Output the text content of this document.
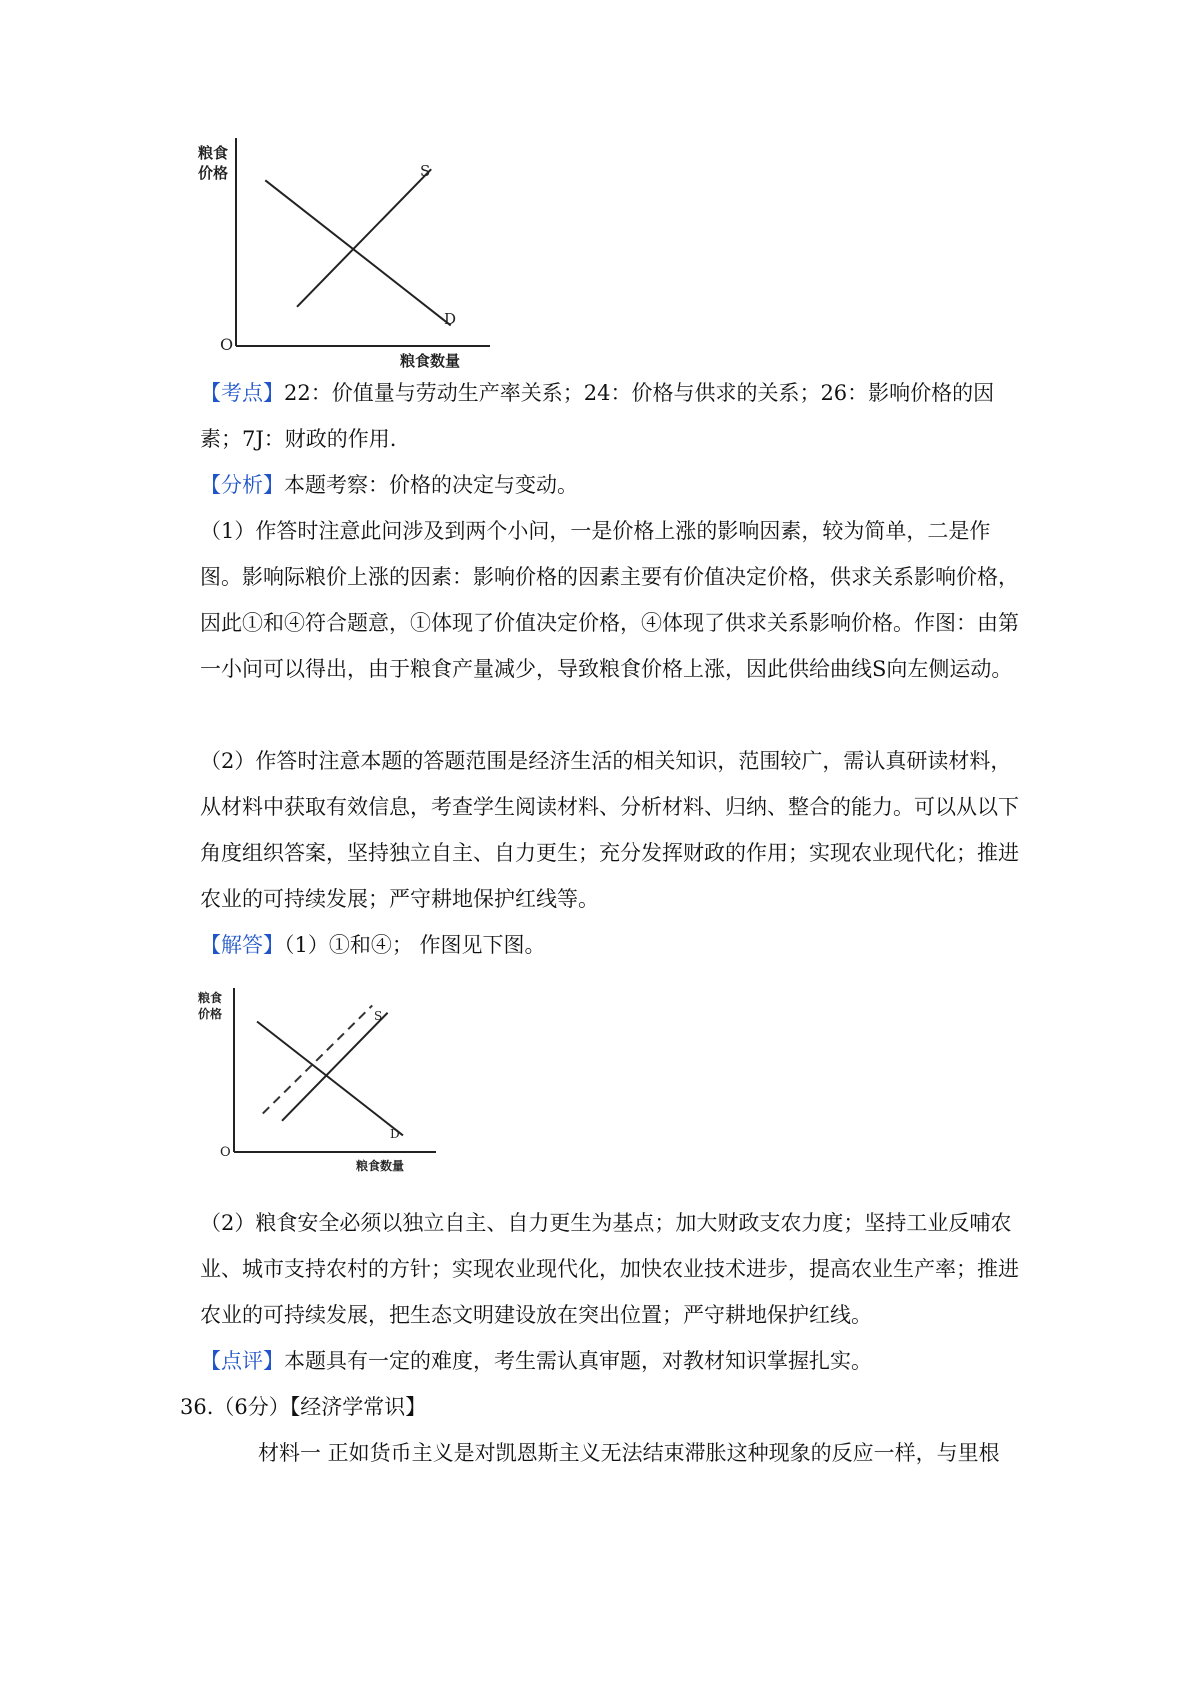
粮食
价格
O
粮食数量
S
D

【考点】22：价值量与劳动生产率关系；24：价格与供求的关系；26：影响价格的因素；7J：财政的作用.

【分析】本题考察：价格的决定与变动。

（1）作答时注意此问涉及到两个小问，一是价格上涨的影响因素，较为简单，二是作图。影响际粮价上涨的因素：影响价格的因素主要有价值决定价格，供求关系影响价格，因此①和④符合题意，①体现了价值决定价格，④体现了供求关系影响价格。作图：由第一小问可以得出，由于粮食产量减少，导致粮食价格上涨，因此供给曲线S向左侧运动。

（2）作答时注意本题的答题范围是经济生活的相关知识，范围较广，需认真研读材料，从材料中获取有效信息，考查学生阅读材料、分析材料、归纳、整合的能力。可以从以下角度组织答案，坚持独立自主、自力更生；充分发挥财政的作用；实现农业现代化；推进农业的可持续发展；严守耕地保护红线等。

【解答】（1）①和④； 作图见下图。

粮食
价格
O
粮食数量
S
D

（2）粮食安全必须以独立自主、自力更生为基点；加大财政支农力度；坚持工业反哺农业、城市支持农村的方针；实现农业现代化，加快农业技术进步，提高农业生产率；推进农业的可持续发展，把生态文明建设放在突出位置；严守耕地保护红线。

【点评】本题具有一定的难度，考生需认真审题，对教材知识掌握扎实。

36.（6分）【经济学常识】
材料一 正如货币主义是对凯恩斯主义无法结束滞胀这种现象的反应一样，与里根
